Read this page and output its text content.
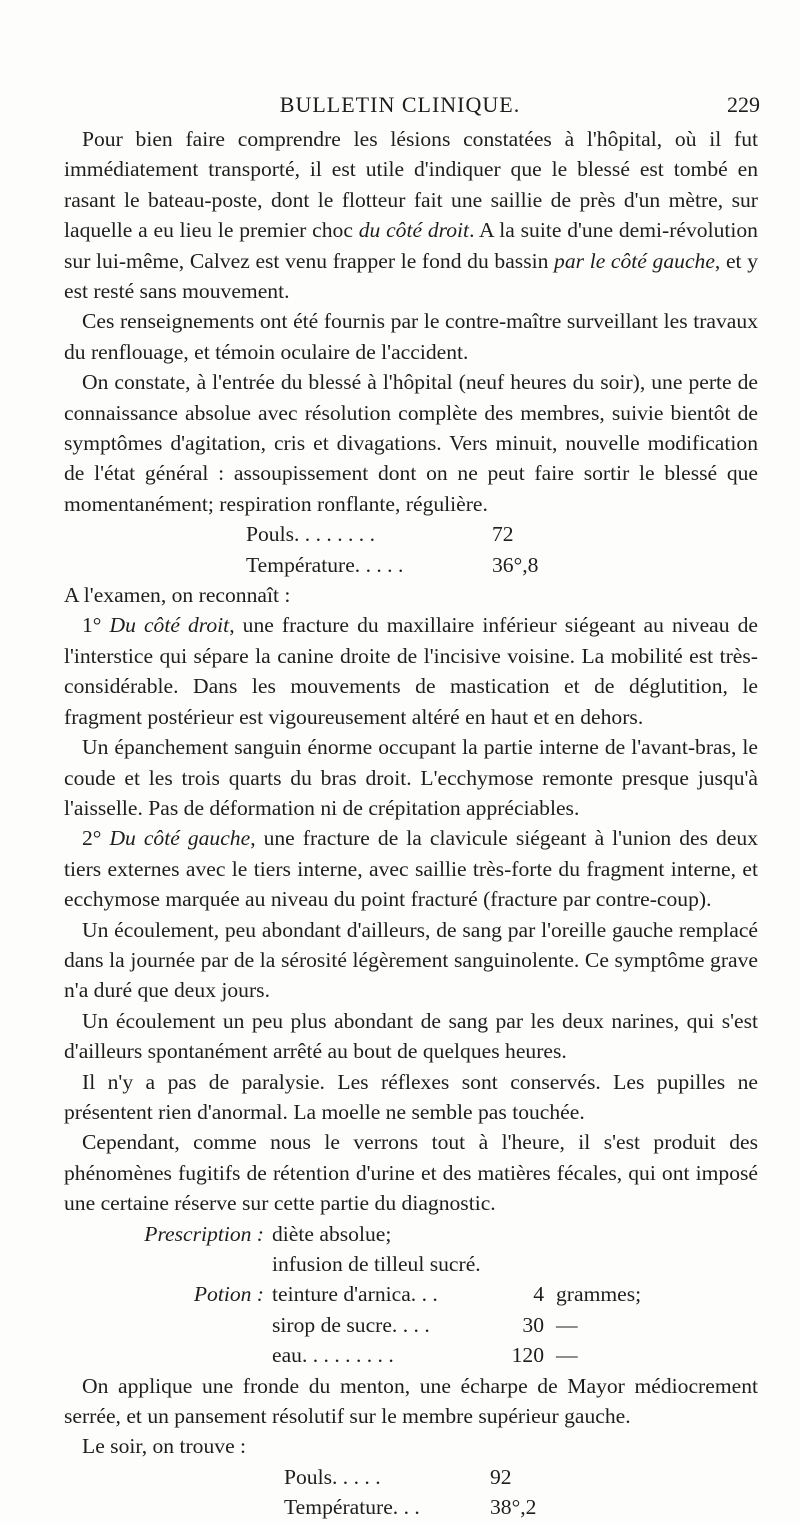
BULLETIN CLINIQUE.	229

Pour bien faire comprendre les lésions constatées à l'hôpital, où il fut immédiatement transporté, il est utile d'indiquer que le blessé est tombé en rasant le bateau-poste, dont le flotteur fait une saillie de près d'un mètre, sur laquelle a eu lieu le premier choc du côté droit. A la suite d'une demi-révolution sur lui-même, Calvez est venu frapper le fond du bassin par le côté gauche, et y est resté sans mouvement.

Ces renseignements ont été fournis par le contre-maître surveillant les travaux du renflouage, et témoin oculaire de l'accident.

On constate, à l'entrée du blessé à l'hôpital (neuf heures du soir), une perte de connaissance absolue avec résolution complète des membres, suivie bientôt de symptômes d'agitation, cris et divagations. Vers minuit, nouvelle modification de l'état général : assoupissement dont on ne peut faire sortir le blessé que momentanément; respiration ronflante, régulière.

Pouls. . . . . . . .	72
Température. . . . .	36°,8

A l'examen, on reconnaît :

1° Du côté droit, une fracture du maxillaire inférieur siégeant au niveau de l'interstice qui sépare la canine droite de l'incisive voisine. La mobilité est très-considérable. Dans les mouvements de mastication et de déglutition, le fragment postérieur est vigoureusement altéré en haut et en dehors.

Un épanchement sanguin énorme occupant la partie interne de l'avant-bras, le coude et les trois quarts du bras droit. L'ecchymose remonte presque jusqu'à l'aisselle. Pas de déformation ni de crépitation appréciables.

2° Du côté gauche, une fracture de la clavicule siégeant à l'union des deux tiers externes avec le tiers interne, avec saillie très-forte du fragment interne, et ecchymose marquée au niveau du point fracturé (fracture par contre-coup).

Un écoulement, peu abondant d'ailleurs, de sang par l'oreille gauche remplacé dans la journée par de la sérosité légèrement sanguinolente. Ce symptôme grave n'a duré que deux jours.

Un écoulement un peu plus abondant de sang par les deux narines, qui s'est d'ailleurs spontanément arrêté au bout de quelques heures.

Il n'y a pas de paralysie. Les réflexes sont conservés. Les pupilles ne présentent rien d'anormal. La moelle ne semble pas touchée.

Cependant, comme nous le verrons tout à l'heure, il s'est produit des phénomènes fugitifs de rétention d'urine et des matières fécales, qui ont imposé une certaine réserve sur cette partie du diagnostic.

Prescription : diète absolue;
infusion de tilleul sucré.
Potion : teinture d'arnica. . .	4 grammes;
sirop de sucre. . . .	30 —
eau. . . . . . . . .	120 —

On applique une fronde du menton, une écharpe de Mayor médiocrement serrée, et un pansement résolutif sur le membre supérieur gauche.

Le soir, on trouve :

Pouls. . . . .	92
Température. . .	38°,2
